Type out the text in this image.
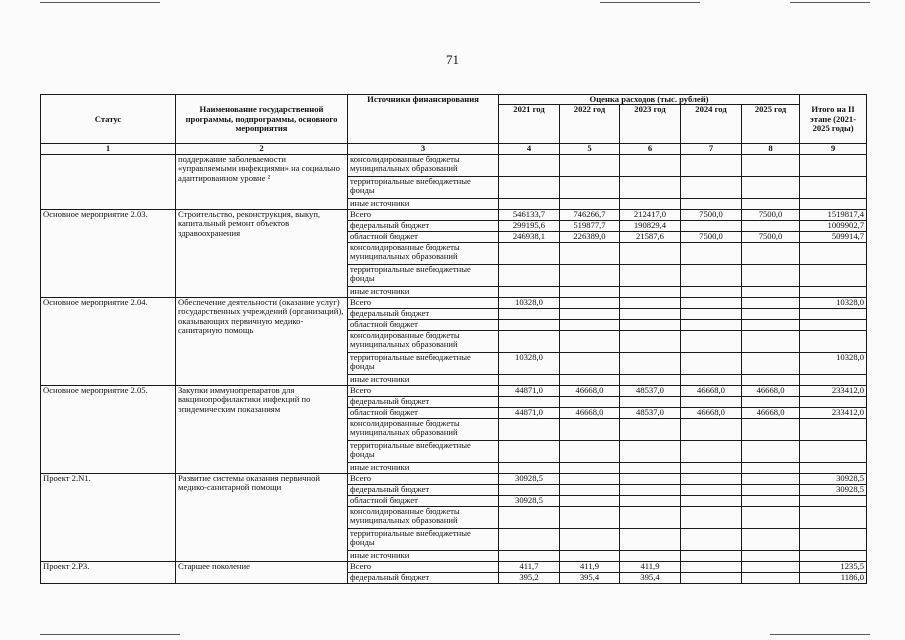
71
Статус	Наименование государственной программы, подпрограммы, основного мероприятия	Источники финансирования	Оценка расходов (тыс. рублей)					Итого на II этапе (2021-2025 годы)
			2021 год	2022 год	2023 год	2024 год	2025 год	
1	2	3	4	5	6	7	8	9
	поддержание заболеваемости «управляемыми инфекциями» на социально адаптированном уровне ²	консолидированные бюджеты муниципальных образований						
		территориальные внебюджетные фонды						
		иные источники						
Основное мероприятие 2.03.	Строительство, реконструкция, выкуп, капитальный ремонт объектов здравоохранения	Всего	546133,7	746266,7	212417,0	7500,0	7500,0	1519817,4
		федеральный бюджет	299195,6	519877,7	190829,4			1009902,7
		областной бюджет	246938,1	226389,0	21587,6	7500,0	7500,0	509914,7
		консолидированные бюджеты муниципальных образований						
		территориальные внебюджетные фонды						
		иные источники						
Основное мероприятие 2.04.	Обеспечение деятельности (оказание услуг) государственных учреждений (организаций), оказывающих первичную медико-санитарную помощь	Всего	10328,0					10328,0
		федеральный бюджет						
		областной бюджет						
		консолидированные бюджеты муниципальных образований						
		территориальные внебюджетные фонды	10328,0					10328,0
		иные источники						
Основное мероприятие 2.05.	Закупки иммунопрепаратов для вакцинопрофилактики инфекций по эпидемическим показаниям	Всего	44871,0	46668,0	48537,0	46668,0	46668,0	233412,0
		федеральный бюджет						
		областной бюджет	44871,0	46668,0	48537,0	46668,0	46668,0	233412,0
		консолидированные бюджеты муниципальных образований						
		территориальные внебюджетные фонды						
		иные источники						
Проект 2.N1.	Развитие системы оказания первичной медико-санитарной помощи	Всего	30928,5					30928,5
		федеральный бюджет						30928,5
		областной бюджет	30928,5					
		консолидированные бюджеты муниципальных образований						
		территориальные внебюджетные фонды						
		иные источники						
Проект 2.Р3.	Старшее поколение	Всего	411,7	411,9	411,9			1235,5
		федеральный бюджет	395,2	395,4	395,4			1186,0
